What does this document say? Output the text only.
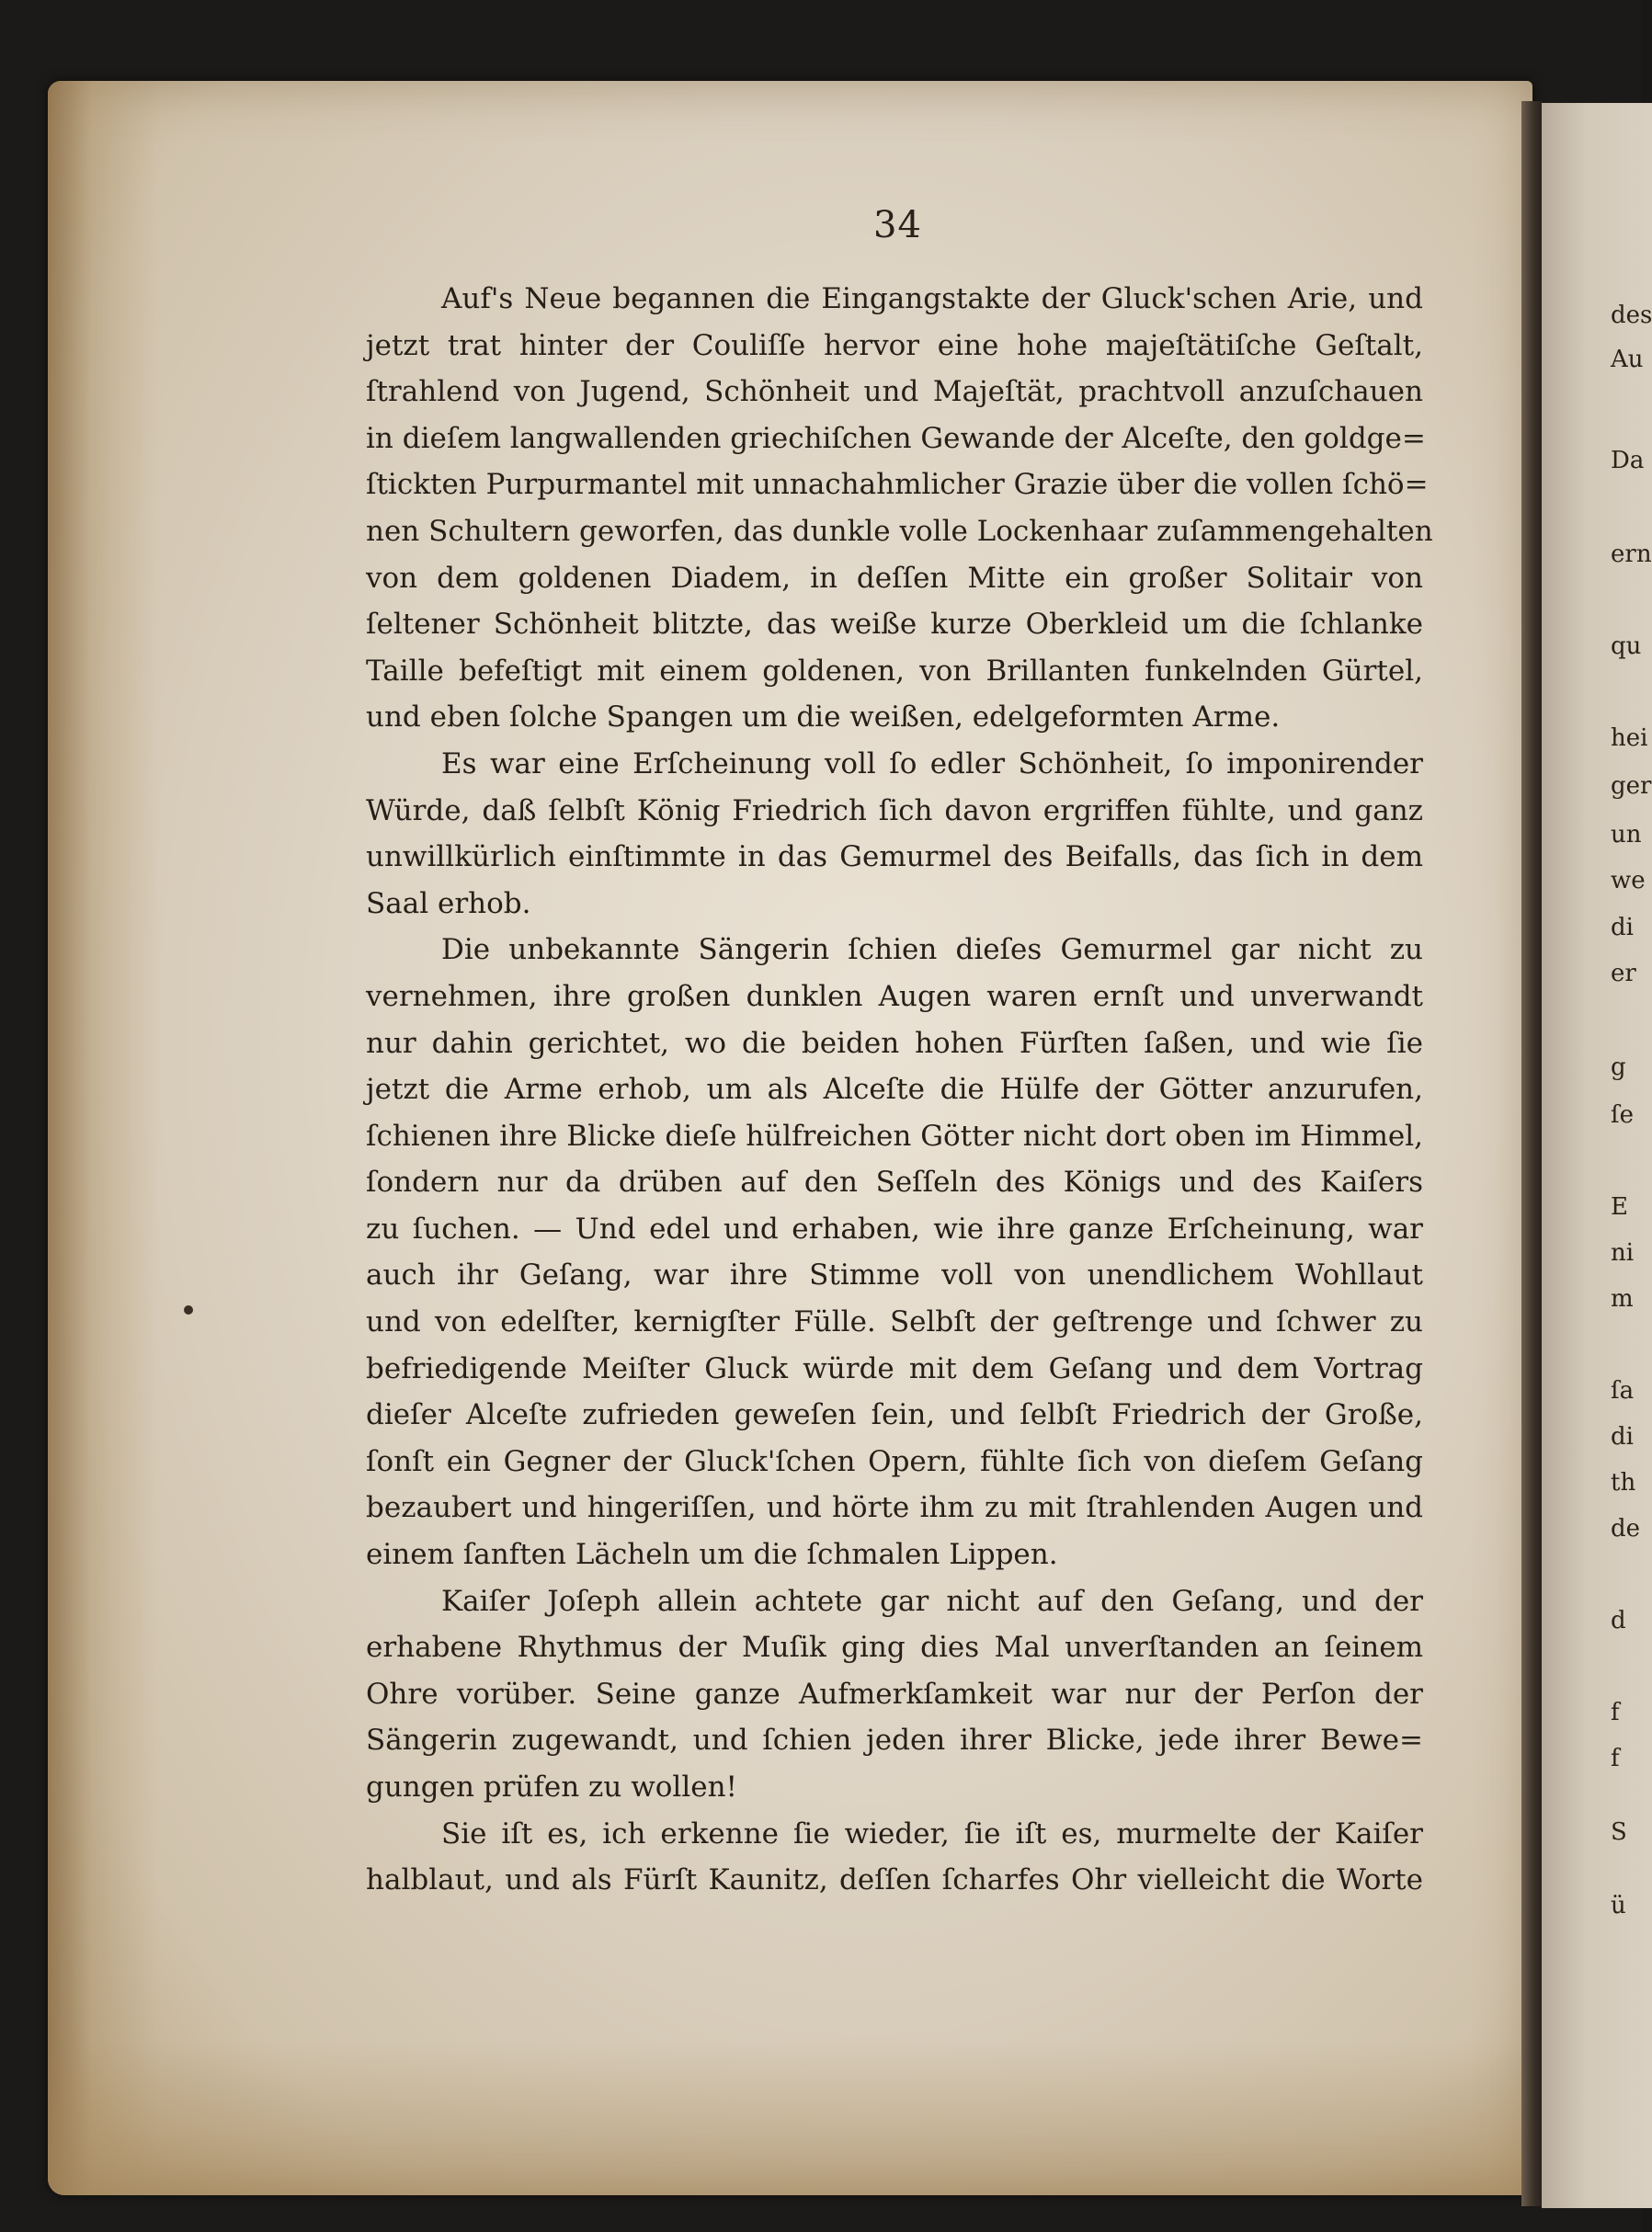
34
Auf's Neue begannen die Eingangstakte der Gluck'schen Arie, und
jetzt trat hinter der Couliſſe hervor eine hohe majeſtätiſche Geſtalt,
ſtrahlend von Jugend, Schönheit und Majeſtät, prachtvoll anzuſchauen
in dieſem langwallenden griechiſchen Gewande der Alceſte, den goldge=
ſtickten Purpurmantel mit unnachahmlicher Grazie über die vollen ſchö=
nen Schultern geworfen, das dunkle volle Lockenhaar zuſammengehalten
von dem goldenen Diadem, in deſſen Mitte ein großer Solitair von
ſeltener Schönheit blitzte, das weiße kurze Oberkleid um die ſchlanke
Taille befeſtigt mit einem goldenen, von Brillanten funkelnden Gürtel,
und eben ſolche Spangen um die weißen, edelgeformten Arme.
Es war eine Erſcheinung voll ſo edler Schönheit, ſo imponirender
Würde, daß ſelbſt König Friedrich ſich davon ergriffen fühlte, und ganz
unwillkürlich einſtimmte in das Gemurmel des Beifalls, das ſich in dem
Saal erhob.
Die unbekannte Sängerin ſchien dieſes Gemurmel gar nicht zu
vernehmen, ihre großen dunklen Augen waren ernſt und unverwandt
nur dahin gerichtet, wo die beiden hohen Fürſten ſaßen, und wie ſie
jetzt die Arme erhob, um als Alceſte die Hülfe der Götter anzurufen,
ſchienen ihre Blicke dieſe hülfreichen Götter nicht dort oben im Himmel,
ſondern nur da drüben auf den Seſſeln des Königs und des Kaiſers
zu ſuchen. — Und edel und erhaben, wie ihre ganze Erſcheinung, war
auch ihr Geſang, war ihre Stimme voll von unendlichem Wohllaut
und von edelſter, kernigſter Fülle. Selbſt der geſtrenge und ſchwer zu
befriedigende Meiſter Gluck würde mit dem Geſang und dem Vortrag
dieſer Alceſte zufrieden geweſen ſein, und ſelbſt Friedrich der Große,
ſonſt ein Gegner der Gluck'ſchen Opern, fühlte ſich von dieſem Geſang
bezaubert und hingeriſſen, und hörte ihm zu mit ſtrahlenden Augen und
einem ſanften Lächeln um die ſchmalen Lippen.
Kaiſer Joſeph allein achtete gar nicht auf den Geſang, und der
erhabene Rhythmus der Muſik ging dies Mal unverſtanden an ſeinem
Ohre vorüber. Seine ganze Aufmerkſamkeit war nur der Perſon der
Sängerin zugewandt, und ſchien jeden ihrer Blicke, jede ihrer Bewe=
gungen prüfen zu wollen!
Sie iſt es, ich erkenne ſie wieder, ſie iſt es, murmelte der Kaiſer
halblaut, und als Fürſt Kaunitz, deſſen ſcharfes Ohr vielleicht die Worte
des
Au
Da
ern
qu
hei
ger
un
we
di
er
g
ſe
E
ni
m
ſa
di
th
de
d
f
f
S
ü
